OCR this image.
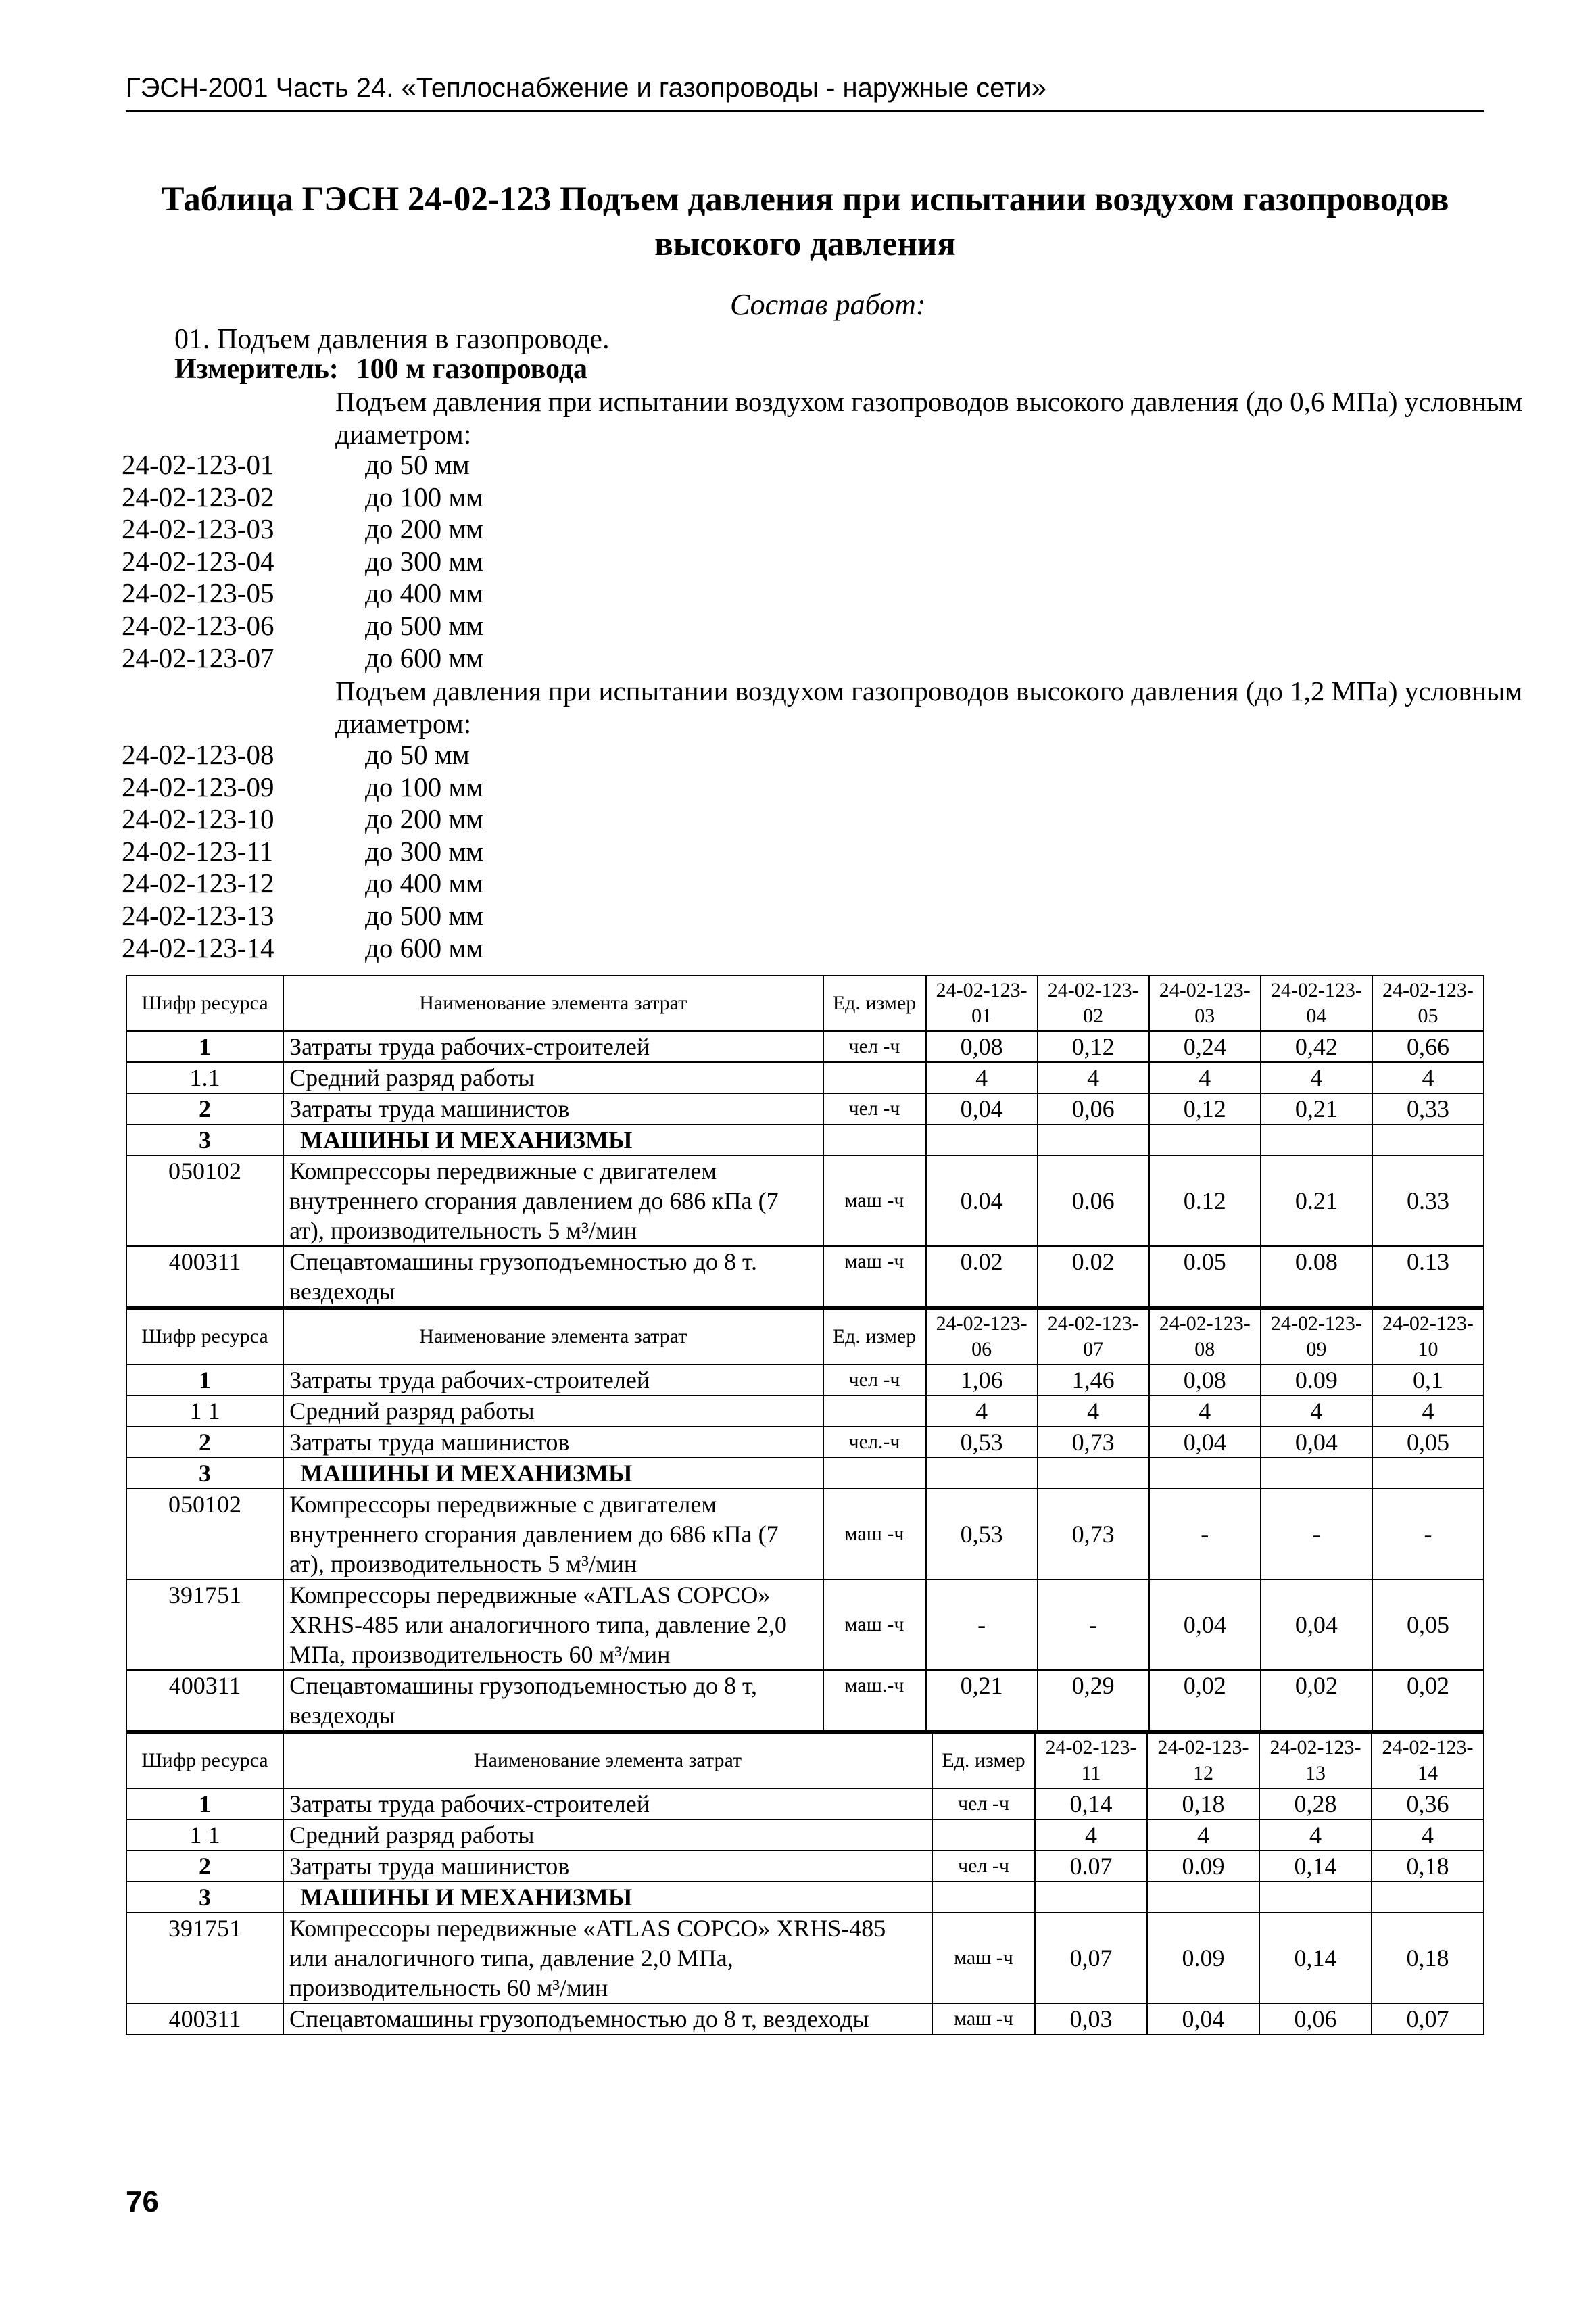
ГЭСН-2001 Часть 24. «Теплоснабжение и газопроводы - наружные сети»
Таблица ГЭСН 24-02-123 Подъем давления при испытании воздухом газопроводов высокого давления
Состав работ:
01. Подъем давления в газопроводе.
Измеритель: 100 м газопровода
Подъем давления при испытании воздухом газопроводов высокого давления (до 0,6 МПа) условным диаметром:
24-02-123-01	до 50 мм
24-02-123-02	до 100 мм
24-02-123-03	до 200 мм
24-02-123-04	до 300 мм
24-02-123-05	до 400 мм
24-02-123-06	до 500 мм
24-02-123-07	до 600 мм
Подъем давления при испытании воздухом газопроводов высокого давления (до 1,2 МПа) условным диаметром:
24-02-123-08	до 50 мм
24-02-123-09	до 100 мм
24-02-123-10	до 200 мм
24-02-123-11	до 300 мм
24-02-123-12	до 400 мм
24-02-123-13	до 500 мм
24-02-123-14	до 600 мм
Шифр ресурса	Наименование элемента затрат	Ед. измер	24-02-123-01	24-02-123-02	24-02-123-03	24-02-123-04	24-02-123-05
1	Затраты труда рабочих-строителей	чел -ч	0,08	0,12	0,24	0,42	0,66
1.1	Средний разряд работы		4	4	4	4	4
2	Затраты труда машинистов	чел -ч	0,04	0,06	0,12	0,21	0,33
3	МАШИНЫ И МЕХАНИЗМЫ						
050102	Компрессоры передвижные с двигателем внутреннего сгорания давлением до 686 кПа (7 ат), производительность 5 м³/мин	маш -ч	0.04	0.06	0.12	0.21	0.33
400311	Спецавтомашины грузоподъемностью до 8 т. вездеходы	маш -ч	0.02	0.02	0.05	0.08	0.13
Шифр ресурса	Наименование элемента затрат	Ед. измер	24-02-123-06	24-02-123-07	24-02-123-08	24-02-123-09	24-02-123-10
1	Затраты труда рабочих-строителей	чел -ч	1,06	1,46	0,08	0.09	0,1
1 1	Средний разряд работы		4	4	4	4	4
2	Затраты труда машинистов	чел.-ч	0,53	0,73	0,04	0,04	0,05
3	МАШИНЫ И МЕХАНИЗМЫ						
050102	Компрессоры передвижные с двигателем внутреннего сгорания давлением до 686 кПа (7 ат), производительность 5 м³/мин	маш -ч	0,53	0,73	-	-	-
391751	Компрессоры передвижные «ATLAS COPCO» XRHS-485 или аналогичного типа, давление 2,0 МПа, производительность 60 м³/мин	маш -ч	-	-	0,04	0,04	0,05
400311	Спецавтомашины грузоподъемностью до 8 т, вездеходы	маш.-ч	0,21	0,29	0,02	0,02	0,02
Шифр ресурса	Наименование элемента затрат	Ед. измер	24-02-123-11	24-02-123-12	24-02-123-13	24-02-123-14
1	Затраты труда рабочих-строителей	чел -ч	0,14	0,18	0,28	0,36
1 1	Средний разряд работы		4	4	4	4
2	Затраты труда машинистов	чел -ч	0.07	0.09	0,14	0,18
3	МАШИНЫ И МЕХАНИЗМЫ					
391751	Компрессоры передвижные «ATLAS COPCO» XRHS-485 или аналогичного типа, давление 2,0 МПа, производительность 60 м³/мин	маш -ч	0,07	0.09	0,14	0,18
400311	Спецавтомашины грузоподъемностью до 8 т, вездеходы	маш -ч	0,03	0,04	0,06	0,07
76
